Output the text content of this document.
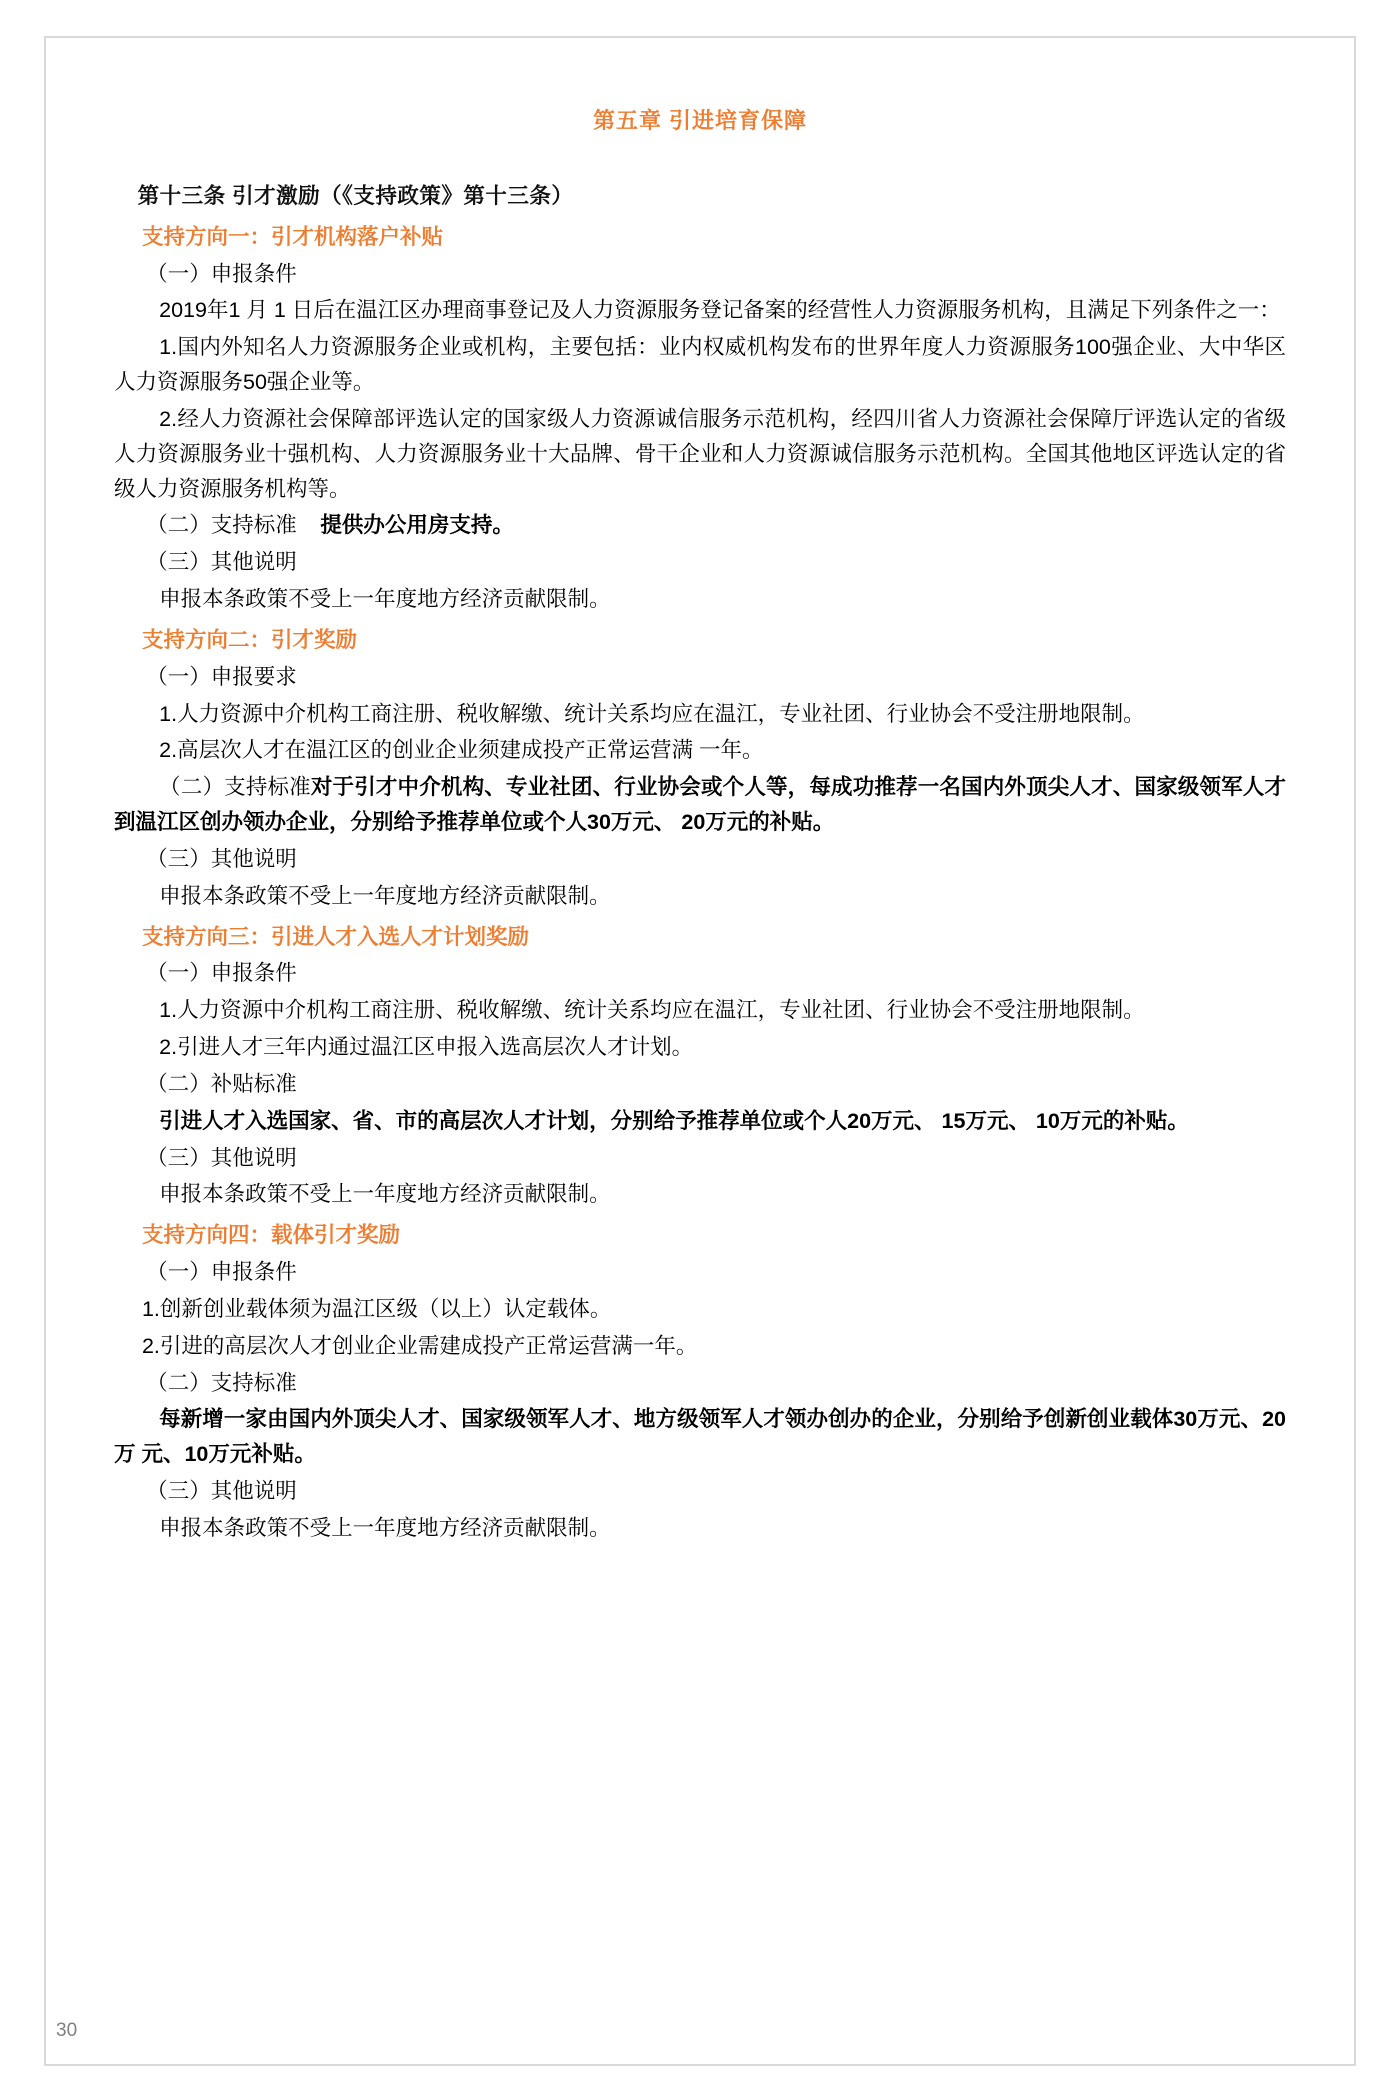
第五章 引进培育保障
第十三条 引才激励（《支持政策》第十三条）
支持方向一：引才机构落户补贴
（一）申报条件
2019年1 月 1 日后在温江区办理商事登记及人力资源服务登记备案的经营性人力资源服务机构，且满足下列条件之一：
1.国内外知名人力资源服务企业或机构，主要包括：业内权威机构发布的世界年度人力资源服务100强企业、大中华区人力资源服务50强企业等。
2.经人力资源社会保障部评选认定的国家级人力资源诚信服务示范机构，经四川省人力资源社会保障厅评选认定的省级人力资源服务业十强机构、人力资源服务业十大品牌、骨干企业和人力资源诚信服务示范机构。全国其他地区评选认定的省级人力资源服务机构等。
（二）支持标准 提供办公用房支持。
（三）其他说明
申报本条政策不受上一年度地方经济贡献限制。
支持方向二：引才奖励
（一）申报要求
1.人力资源中介机构工商注册、税收解缴、统计关系均应在温江，专业社团、行业协会不受注册地限制。
2.高层次人才在温江区的创业企业须建成投产正常运营满 一年。
（二）支持标准对于引才中介机构、专业社团、行业协会或个人等，每成功推荐一名国内外顶尖人才、国家级领军人才到温江区创办领办企业，分别给予推荐单位或个人30万元、 20万元的补贴。
（三）其他说明
申报本条政策不受上一年度地方经济贡献限制。
支持方向三：引进人才入选人才计划奖励
（一）申报条件
1.人力资源中介机构工商注册、税收解缴、统计关系均应在温江，专业社团、行业协会不受注册地限制。
2.引进人才三年内通过温江区申报入选高层次人才计划。
（二）补贴标准
引进人才入选国家、省、市的高层次人才计划，分别给予推荐单位或个人20万元、 15万元、 10万元的补贴。
（三）其他说明
申报本条政策不受上一年度地方经济贡献限制。
支持方向四：载体引才奖励
（一）申报条件
1.创新创业载体须为温江区级（以上）认定载体。
2.引进的高层次人才创业企业需建成投产正常运营满一年。
（二）支持标准
每新增一家由国内外顶尖人才、国家级领军人才、地方级领军人才领办创办的企业，分别给予创新创业载体30万元、20万 元、10万元补贴。
（三）其他说明
申报本条政策不受上一年度地方经济贡献限制。
30
